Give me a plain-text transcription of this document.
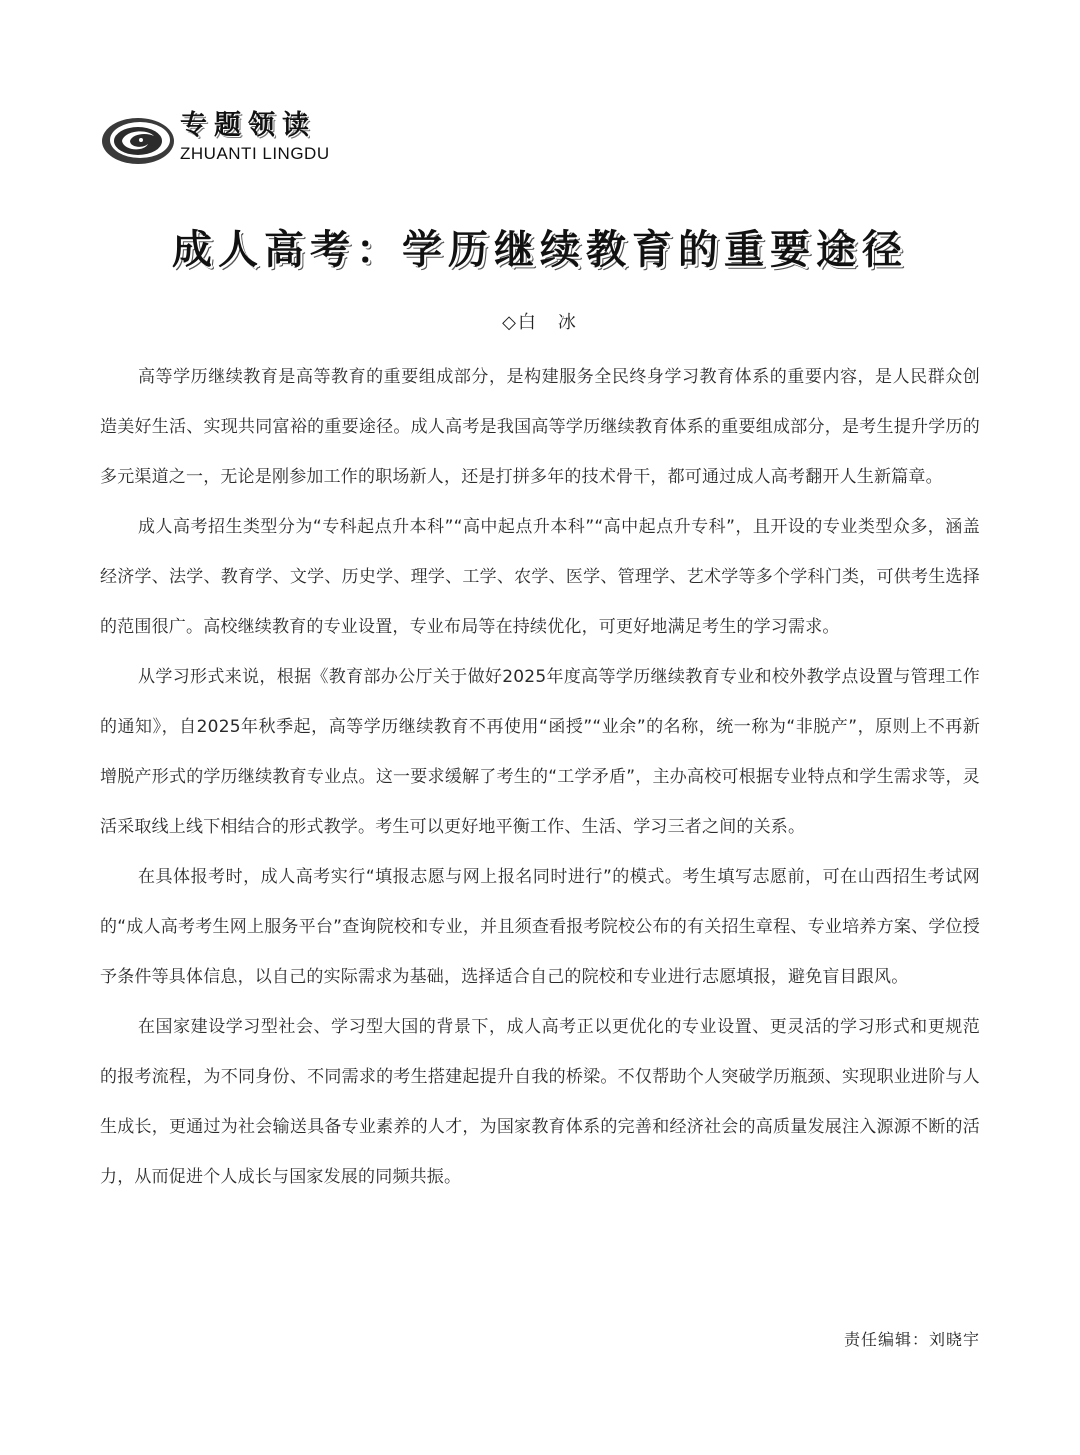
专题领读
ZHUANTI LINGDU
成人高考：学历继续教育的重要途径
◇白　冰

高等学历继续教育是高等教育的重要组成部分，是构建服务全民终身学习教育体系的重要内容，是人民群众创造美好生活、实现共同富裕的重要途径。成人高考是我国高等学历继续教育体系的重要组成部分，是考生提升学历的多元渠道之一，无论是刚参加工作的职场新人，还是打拼多年的技术骨干，都可通过成人高考翻开人生新篇章。

成人高考招生类型分为“专科起点升本科”“高中起点升本科”“高中起点升专科”，且开设的专业类型众多，涵盖经济学、法学、教育学、文学、历史学、理学、工学、农学、医学、管理学、艺术学等多个学科门类，可供考生选择的范围很广。高校继续教育的专业设置，专业布局等在持续优化，可更好地满足考生的学习需求。

从学习形式来说，根据《教育部办公厅关于做好2025年度高等学历继续教育专业和校外教学点设置与管理工作的通知》，自2025年秋季起，高等学历继续教育不再使用“函授”“业余”的名称，统一称为“非脱产”，原则上不再新增脱产形式的学历继续教育专业点。这一要求缓解了考生的“工学矛盾”，主办高校可根据专业特点和学生需求等，灵活采取线上线下相结合的形式教学。考生可以更好地平衡工作、生活、学习三者之间的关系。

在具体报考时，成人高考实行“填报志愿与网上报名同时进行”的模式。考生填写志愿前，可在山西招生考试网的“成人高考考生网上服务平台”查询院校和专业，并且须查看报考院校公布的有关招生章程、专业培养方案、学位授予条件等具体信息，以自己的实际需求为基础，选择适合自己的院校和专业进行志愿填报，避免盲目跟风。

在国家建设学习型社会、学习型大国的背景下，成人高考正以更优化的专业设置、更灵活的学习形式和更规范的报考流程，为不同身份、不同需求的考生搭建起提升自我的桥梁。不仅帮助个人突破学历瓶颈、实现职业进阶与人生成长，更通过为社会输送具备专业素养的人才，为国家教育体系的完善和经济社会的高质量发展注入源源不断的活力，从而促进个人成长与国家发展的同频共振。

责任编辑：刘晓宇
